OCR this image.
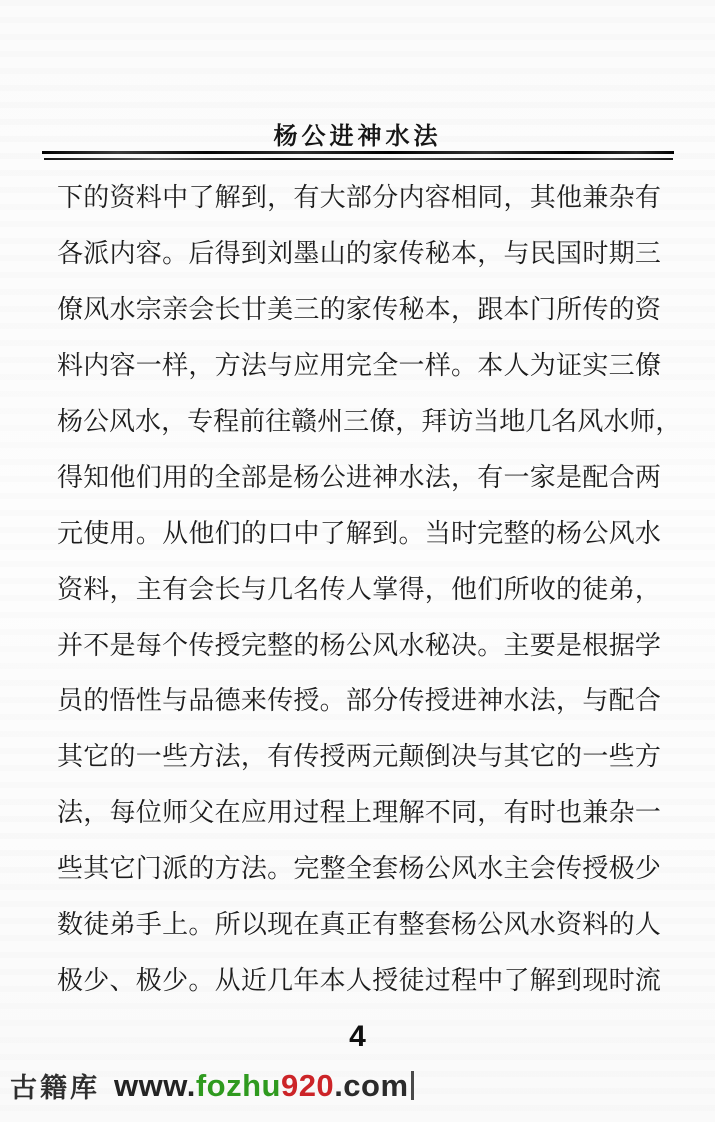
杨公进神水法
下 的 资 料 中 了 解 到 ， 有 大 部 分 内 容 相 同 ， 其 他 兼 杂 有
各 派 内 容 。 后 得 到 刘 墨 山 的 家 传 秘 本 ， 与 民 国 时 期 三
僚 风 水 宗 亲 会 长 廿 美 三 的 家 传 秘 本 ， 跟 本 门 所 传 的 资
料 内 容 一 样 ， 方 法 与 应 用 完 全 一 样 。 本 人 为 证 实 三 僚
杨 公 风 水 ， 专 程 前 往 赣 州 三 僚 ， 拜 访 当 地 几 名 风 水 师 ，
得 知 他 们 用 的 全 部 是 杨 公 进 神 水 法 ， 有 一 家 是 配 合 两
元 使 用 。 从 他 们 的 口 中 了 解 到 。 当 时 完 整 的 杨 公 风 水
资 料 ， 主 有 会 长 与 几 名 传 人 掌 得 ， 他 们 所 收 的 徒 弟 ，
并 不 是 每 个 传 授 完 整 的 杨 公 风 水 秘 决 。 主 要 是 根 据 学
员 的 悟 性 与 品 德 来 传 授 。 部 分 传 授 进 神 水 法 ， 与 配 合
其 它 的 一 些 方 法 ， 有 传 授 两 元 颠 倒 决 与 其 它 的 一 些 方
法 ， 每 位 师 父 在 应 用 过 程 上 理 解 不 同 ， 有 时 也 兼 杂 一
些 其 它 门 派 的 方 法 。 完 整 全 套 杨 公 风 水 主 会 传 授 极 少
数 徒 弟 手 上 。 所 以 现 在 真 正 有 整 套 杨 公 风 水 资 料 的 人
极 少 、 极 少 。 从 近 几 年 本 人 授 徒 过 程 中 了 解 到 现 时 流
4
古籍库 www. fozhu 920 .com
